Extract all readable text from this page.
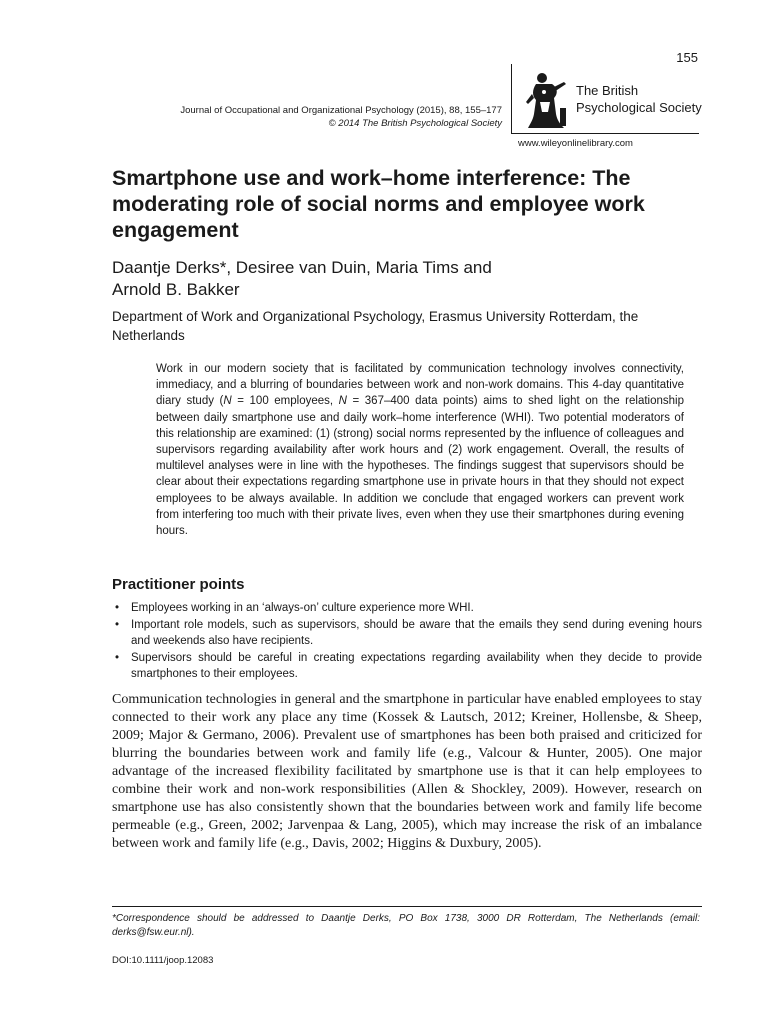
155
Journal of Occupational and Organizational Psychology (2015), 88, 155–177
© 2014 The British Psychological Society
The British
Psychological Society
www.wileyonlinelibrary.com
Smartphone use and work–home interference: The moderating role of social norms and employee work engagement
Daantje Derks*, Desiree van Duin, Maria Tims and
Arnold B. Bakker
Department of Work and Organizational Psychology, Erasmus University Rotterdam, the Netherlands
Work in our modern society that is facilitated by communication technology involves connectivity, immediacy, and a blurring of boundaries between work and non-work domains. This 4-day quantitative diary study (N = 100 employees, N = 367–400 data points) aims to shed light on the relationship between daily smartphone use and daily work–home interference (WHI). Two potential moderators of this relationship are examined: (1) (strong) social norms represented by the influence of colleagues and supervisors regarding availability after work hours and (2) work engagement. Overall, the results of multilevel analyses were in line with the hypotheses. The findings suggest that supervisors should be clear about their expectations regarding smartphone use in private hours in that they should not expect employees to be always available. In addition we conclude that engaged workers can prevent work from interfering too much with their private lives, even when they use their smartphones during evening hours.
Practitioner points
• Employees working in an ‘always-on’ culture experience more WHI.
• Important role models, such as supervisors, should be aware that the emails they send during evening hours and weekends also have recipients.
• Supervisors should be careful in creating expectations regarding availability when they decide to provide smartphones to their employees.

Communication technologies in general and the smartphone in particular have enabled employees to stay connected to their work any place any time (Kossek & Lautsch, 2012; Kreiner, Hollensbe, & Sheep, 2009; Major & Germano, 2006). Prevalent use of smartphones has been both praised and criticized for blurring the boundaries between work and family life (e.g., Valcour & Hunter, 2005). One major advantage of the increased flexibility facilitated by smartphone use is that it can help employees to combine their work and non-work responsibilities (Allen & Shockley, 2009). However, research on smartphone use has also consistently shown that the boundaries between work and family life become permeable (e.g., Green, 2002; Jarvenpaa & Lang, 2005), which may increase the risk of an imbalance between work and family life (e.g., Davis, 2002; Higgins & Duxbury, 2005).

*Correspondence should be addressed to Daantje Derks, PO Box 1738, 3000 DR Rotterdam, The Netherlands (email: derks@fsw.eur.nl).
DOI:10.1111/joop.12083
